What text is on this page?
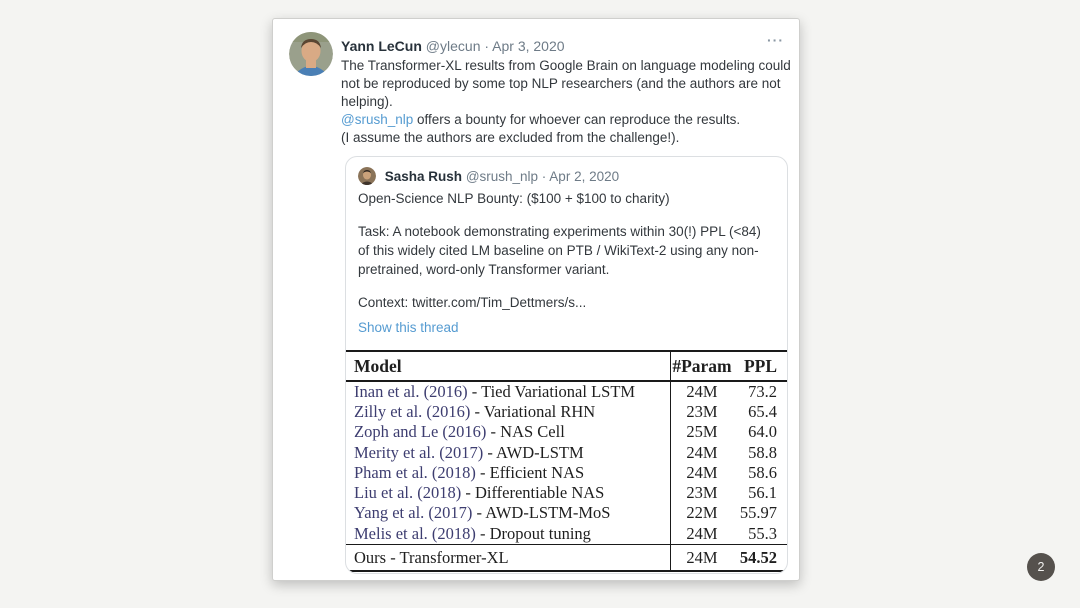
Yann LeCun @ylecun · Apr 3, 2020	···
The Transformer-XL results from Google Brain on language modeling could
not be reproduced by some top NLP researchers (and the authors are not
helping).
@srush_nlp offers a bounty for whoever can reproduce the results.
(I assume the authors are excluded from the challenge!).
Sasha Rush @srush_nlp · Apr 2, 2020
Open-Science NLP Bounty: ($100 + $100 to charity)
Task: A notebook demonstrating experiments within 30(!) PPL (<84)
of this widely cited LM baseline on PTB / WikiText-2 using any non-
pretrained, word-only Transformer variant.
Context: twitter.com/Tim_Dettmers/s...
Show this thread
Model	#Param PPL
Inan et al. (2016) - Tied Variational LSTM	24M	73.2
Zilly et al. (2016) - Variational RHN	23M	65.4
Zoph and Le (2016) - NAS Cell	25M	64.0
Merity et al. (2017) - AWD-LSTM	24M	58.8
Pham et al. (2018) - Efficient NAS	24M	58.6
Liu et al. (2018) - Differentiable NAS	23M	56.1
Yang et al. (2017) - AWD-LSTM-MoS	22M	55.97
Melis et al. (2018) - Dropout tuning	24M	55.3
Ours - Transformer-XL	24M	54.52
2
